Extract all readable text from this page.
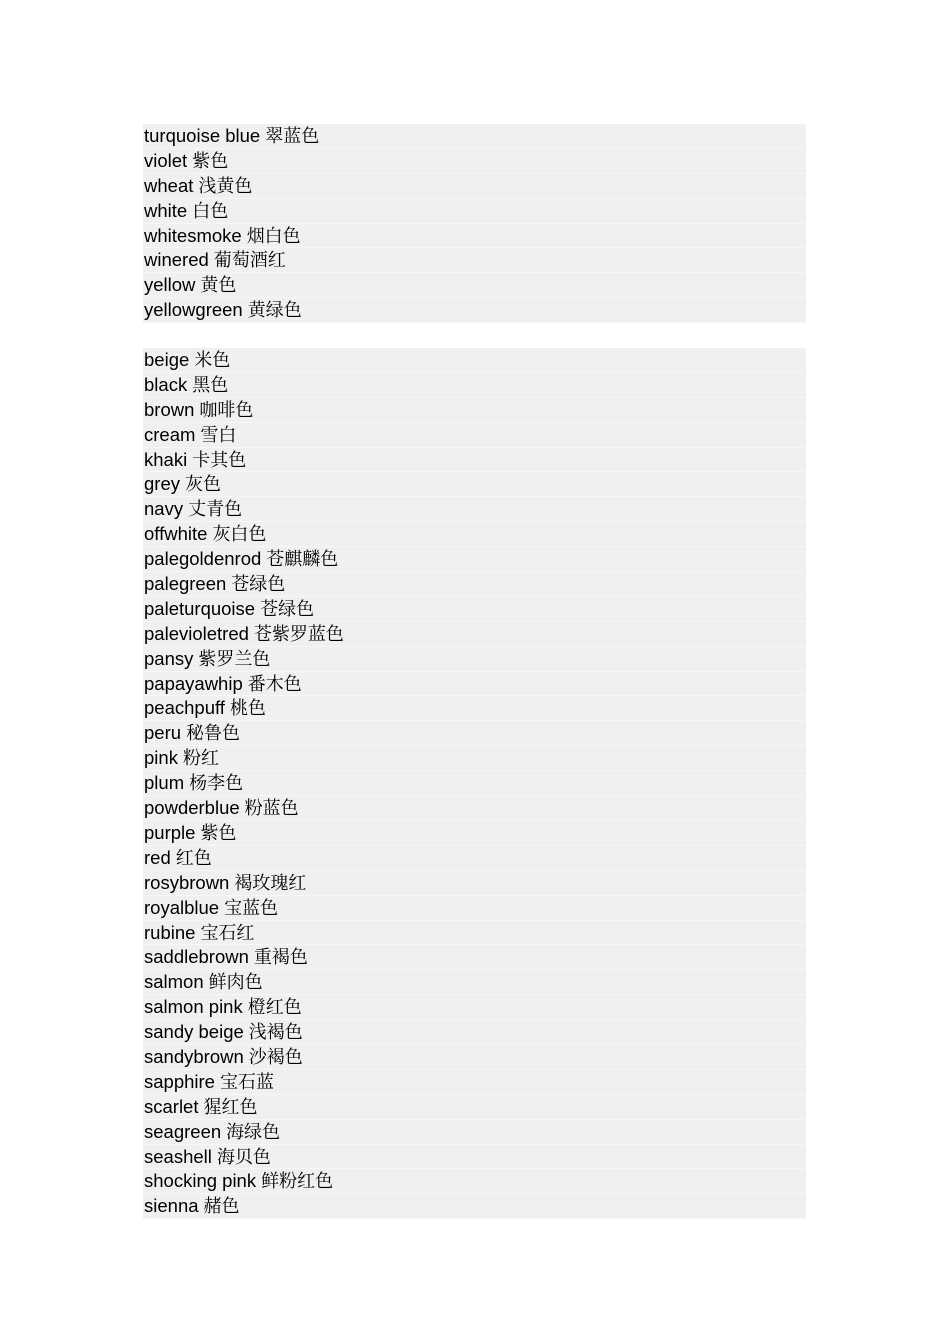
turquoise blue 翠蓝色
violet 紫色
wheat 浅黄色
white 白色
whitesmoke 烟白色
winered 葡萄酒红
yellow 黄色
yellowgreen 黄绿色
beige 米色
black 黑色
brown 咖啡色
cream 雪白
khaki 卡其色
grey 灰色
navy 丈青色
offwhite 灰白色
palegoldenrod 苍麒麟色
palegreen 苍绿色
paleturquoise 苍绿色
palevioletred 苍紫罗蓝色
pansy 紫罗兰色
papayawhip 番木色
peachpuff 桃色
peru 秘鲁色
pink 粉红
plum 杨李色
powderblue 粉蓝色
purple 紫色
red 红色
rosybrown 褐玫瑰红
royalblue 宝蓝色
rubine 宝石红
saddlebrown 重褐色
salmon 鲜肉色
salmon pink 橙红色
sandy beige 浅褐色
sandybrown 沙褐色
sapphire 宝石蓝
scarlet 猩红色
seagreen 海绿色
seashell 海贝色
shocking pink 鲜粉红色
sienna 赭色
